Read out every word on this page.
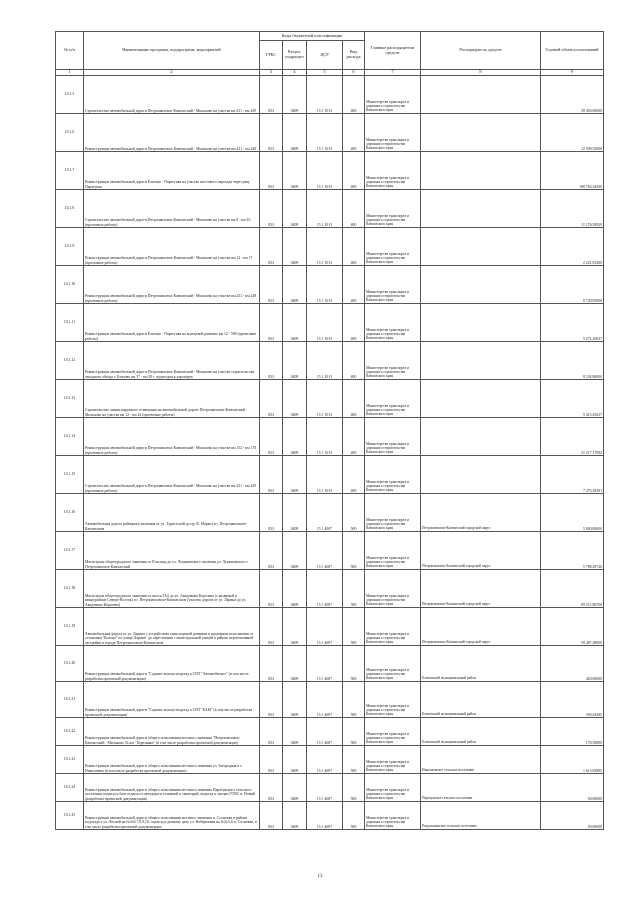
№ п/п	Наименование программ, подпрограмм, мероприятий	Коды бюджетной классификации				Главные распорядители средств	Распорядитель средств	Годовой объем ассигнований
		ГРБС	Раздел, подраздел	ЦСР	Вид расхода			
1	2	3	4	5	6	7	8	9
10.1.5	Строительство автомобильной дороги Петропавловск-Камчатский - Мильково на участке км 231 - км 249	833	0409	15 1 1013	400	Министерство транспорта и дорожного строительства Камчатского края		39 450,00000
10.1.6	Реконструкция автомобильной дороги Петропавловск-Камчатский - Мильково на участке км 231 - км 249	833	0409	15 1 1013	400	Министерство транспорта и дорожного строительства Камчатского края		12 599,55000
10.1.7	Реконструкция автомобильной дороги Елизово - Паратунка на участке мостового перехода через реку Паратунка	833	0409	15 1 1013	400	Министерство транспорта и дорожного строительства Камчатского края		198 763,34300
10.1.8	Строительство автомобильной дороги Петропавловск-Камчатский - Мильково на участке км 0 - км 16 (проектные работы)	833	0409	15 1 1013	400	Министерство транспорта и дорожного строительства Камчатского края		11 176,59929
10.1.9	Реконструкция автомобильной дороги Петропавловск-Камчатский - Мильково на участке км 12 - км 17 (проектные работы)	833	0409	15 1 1013	400	Министерство транспорта и дорожного строительства Камчатского края		2 221,81400
10.1.10	Реконструкция автомобильной дороги Петропавловск-Камчатский - Мильково на участке км 231 - км 249 (проектные работы)	833	0409	15 1 1013	400	Министерство транспорта и дорожного строительства Камчатского края		8 720,95900
10.1.11	Реконструкция автомобильной дороги Елизово - Паратунка на кольцевой развязке км 12 - 500 (проектные работы)	833	0409	15 1 1013	400	Министерство транспорта и дорожного строительства Камчатского края		5 271,20637
10.1.12	Реконструкция автомобильной дороги Петропавловск-Камчатский - Мильково на участке строительства западного обхода г. Елизово км 37 - км 39 с подъездом к аэропорту	833	0409	15 1 1013	400	Министерство транспорта и дорожного строительства Камчатского края		8 192,80000
10.1.13	Строительство линии наружного освещения на автомобильной дороге Петропавловск-Камчатский - Мильково на участке км 12 - км 24 (проектные работы)	833	0409	15 1 1013	400	Министерство транспорта и дорожного строительства Камчатского края		5 415,45637
10.1.14	Реконструкция автомобильной дороги Петропавловск-Камчатский - Мильково на участке км 152 - км 170 (проектные работы)	833	0409	15 1 1013	400	Министерство транспорта и дорожного строительства Камчатского края		21 217,17082
10.1.15	Строительство автомобильной дороги Петропавловск-Камчатский - Мильково на участке км 231 - км 249 (проектные работы)	833	0409	15 1 1013	400	Министерство транспорта и дорожного строительства Камчатского края		7 273,28381
10.1.16	Автомобильная дорога районного значения от ул. Туристской до пр. К. Маркса в г. Петропавловске-Камчатском	833	0409	15 1 4007	500	Министерство транспорта и дорожного строительства Камчатского края	Петропавловск-Камчатский городской округ	5 000,00000
10.1.17	Магистраль общегородского значения от II кольца до ул. Лукашевского, включая ул. Лукашевского г. Петропавловск-Камчатский	833	0409	15 1 4007	500	Министерство транспорта и дорожного строительства Камчатского края	Петропавловск-Камчатский городской округ	5 788,29726
10.1.18	Магистраль общегородского значения от моста ГАЗ до ул. Академика Королева (с развязкой в микрорайоне Северо-Восток) в г. Петропавловске-Камчатском (участок дороги от ул. Ларина до ул. Академика Королева)	833	0409	15 1 4007	500	Министерство транспорта и дорожного строительства Камчатского края	Петропавловск-Камчатский городской округ	69 511,86700
10.1.19	Автомобильная дорога от ул. Ларина с устройством транспортной развязки в надземном исполнении от остановки "Кольцо" по улице Ларина" до пересечения с магистральной улицей в районе перспективной застройки в городе Петропавловске-Камчатском	833	0409	15 1 4007	500	Министерство транспорта и дорожного строительства Камчатского края	Петропавловск-Камчатский городской округ	59 487,28000
10.1.20	Реконструкция автомобильной дороги "Садовое кольцо-подъезд к СНТ "Автомобилист" (в том числе разработка проектной документации)	833	0409	15 1 4007	500	Министерство транспорта и дорожного строительства Камчатского края	Елизовский муниципальный район	420,00000
10.1.21	Реконструкция автомобильной дороги "Садовое кольцо-подъезд к СНТ "БАМ" (в том числе разработка проектной документации)	833	0409	15 1 4007	500	Министерство транспорта и дорожного строительства Камчатского края	Елизовский муниципальный район	350,64385
10.1.22	Реконструкция автомобильной дороги общего пользования местного значения "Петропавловск-Камчатский - Мильково 54 км - Березняки" (в том числе разработка проектной документации)	833	0409	15 1 4007	500	Министерство транспорта и дорожного строительства Камчатского края	Елизовский муниципальный район	170,39000
10.1.23	Реконструкция автомобильной дороги общего пользования местного значения ул. Загородная в г. Николаевка (в том числе разработка проектной документации)	833	0409	15 1 4007	500	Министерство транспорта и дорожного строительства Камчатского края	Николаевское сельское поселение	1 615,83885
10.1.24	Реконструкция автомобильной дороги общего пользования местного значения Паратунского сельского поселения подъезд к базе отдыха от автодороги основной в санаторий, подъезд к лагерю ГОЧС и. Новый (разработка проектной документации)	833	0409	15 1 4007	500	Министерство транспорта и дорожного строительства Камчатского края	Паратунское сельское поселение	50,00000
10.1.25	Реконструкция автомобильной дороги общего пользования местного значения п. Сосновка в районе подъезда к ул. Лесной на №№6.7,8,9,10, подъезд к дачному цеху ул. Набережная на №№5,6 п. Сосновка, в том числе разработка проектной документации	833	0409	15 1 4007	500	Министерство транспорта и дорожного строительства Камчатского края	Раздольненское сельское поселение	50,00000
13
